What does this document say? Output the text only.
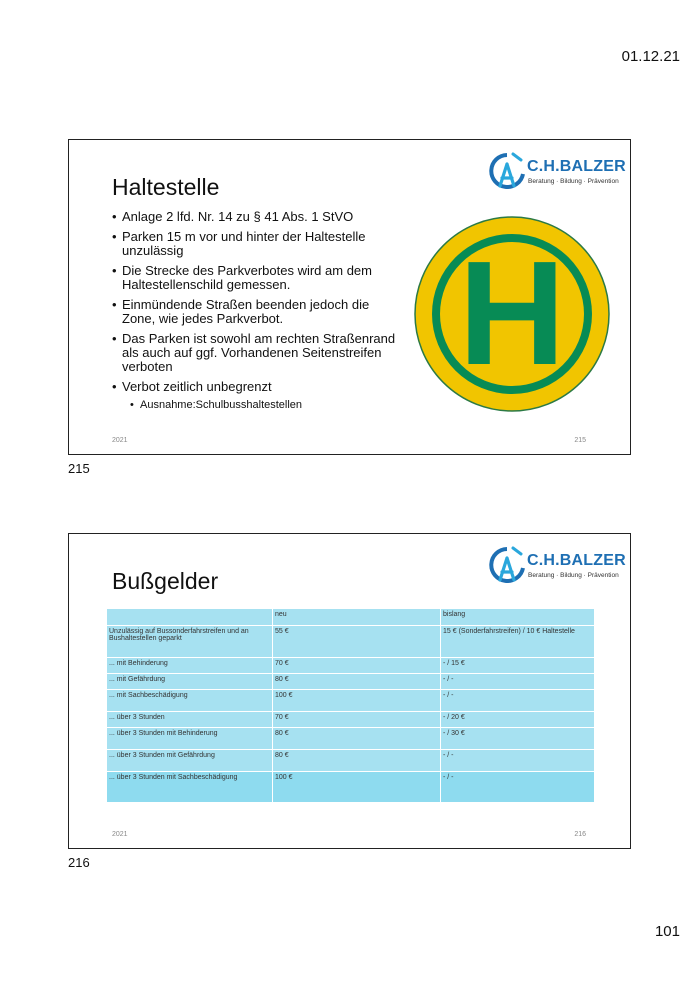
01.12.21
Haltestelle
C.H.BALZER
Beratung · Bildung · Prävention
• Anlage 2 lfd. Nr. 14 zu § 41 Abs. 1 StVO
• Parken 15 m vor und hinter der Haltestelle unzulässig
• Die Strecke des Parkverbotes wird am dem Haltestellenschild gemessen.
• Einmündende Straßen beenden jedoch die Zone, wie jedes Parkverbot.
• Das Parken ist sowohl am rechten Straßenrand als auch auf ggf. Vorhandenen Seitenstreifen verboten
• Verbot zeitlich unbegrenzt
• Ausnahme:Schulbusshaltestellen
H
2021	215
215
Bußgelder
C.H.BALZER
Beratung · Bildung · Prävention
	neu	bislang
Unzulässig auf Bussonderfahrstreifen und an Bushaltestellen geparkt	55 €	15 € (Sonderfahrstreifen) / 10 € Haltestelle
... mit Behinderung	70 €	- / 15 €
... mit Gefährdung	80 €	- / -
... mit Sachbeschädigung	100 €	- / -
... über 3 Stunden	70 €	- / 20 €
... über 3 Stunden mit Behinderung	80 €	- / 30 €
... über 3 Stunden mit Gefährdung	80 €	- / -
... über 3 Stunden mit Sachbeschädigung	100 €	- / -
2021	216
216
101
